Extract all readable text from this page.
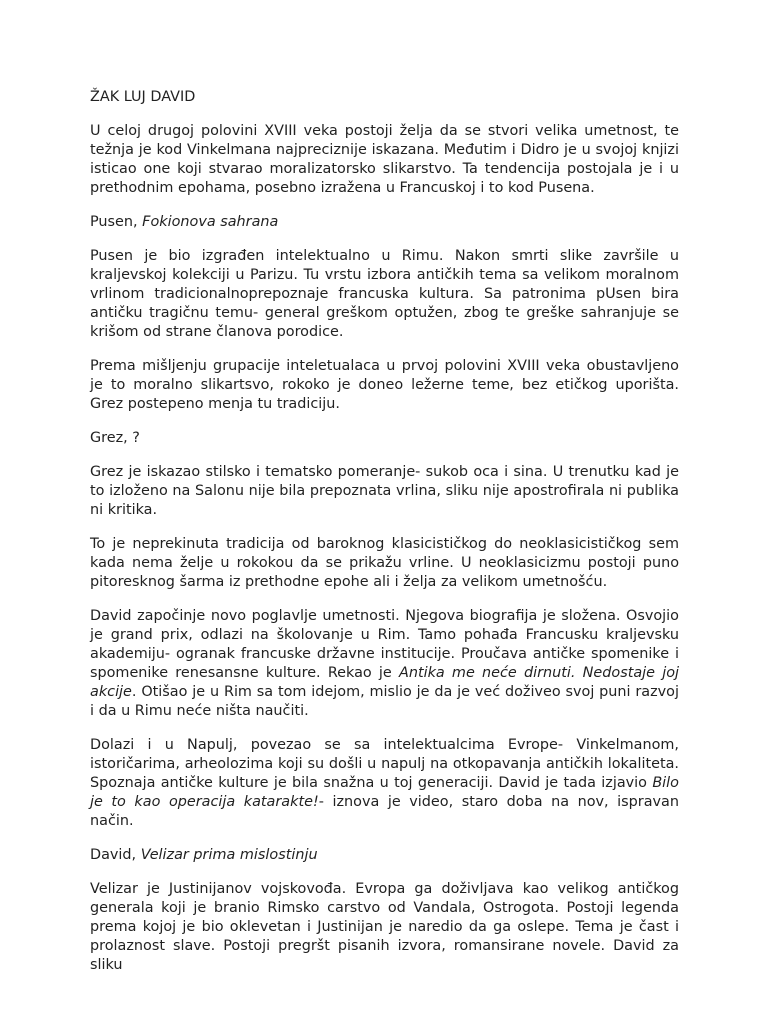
ŽAK LUJ DAVID

U celoj drugoj polovini XVIII veka postoji želja da se stvori velika umetnost, te težnja je kod Vinkelmana najpreciznije iskazana. Međutim i Didro je u svojoj knjizi isticao one koji stvarao moralizatorsko slikarstvo. Ta tendencija postojala je i u prethodnim epohama, posebno izražena u Francuskoj i to kod Pusena.

Pusen, Fokionova sahrana

Pusen je bio izgrađen intelektualno u Rimu. Nakon smrti slike završile u kraljevskoj kolekciji u Parizu. Tu vrstu izbora antičkih tema sa velikom moralnom vrlinom tradicionalnoprepoznaje francuska kultura. Sa patronima pUsen bira antičku tragičnu temu- general greškom optužen, zbog te greške sahranjuje se krišom od strane članova porodice.

Prema mišljenju grupacije inteletualaca u prvoj polovini XVIII veka obustavljeno je to moralno slikartsvo, rokoko je doneo ležerne teme, bez etičkog uporišta. Grez postepeno menja tu tradiciju.

Grez, ?

Grez je iskazao stilsko i tematsko pomeranje- sukob oca i sina. U trenutku kad je to izloženo na Salonu nije bila prepoznata vrlina, sliku nije apostrofirala ni publika ni kritika.

To je neprekinuta tradicija od baroknog klasicističkog do neoklasicističkog sem kada nema želje u rokokou da se prikažu vrline. U neoklasicizmu postoji puno pitoresknog šarma iz prethodne epohe ali i želja za velikom umetnošću.

David započinje novo poglavlje umetnosti. Njegova biografija je složena. Osvojio je grand prix, odlazi na školovanje u Rim. Tamo pohađa Francusku kraljevsku akademiju- ogranak francuske državne institucije. Proučava antičke spomenike i spomenike renesansne kulture. Rekao je Antika me neće dirnuti. Nedostaje joj akcije. Otišao je u Rim sa tom idejom, mislio je da je već doživeo svoj puni razvoj i da u Rimu neće ništa naučiti.

Dolazi i u Napulj, povezao se sa intelektualcima Evrope- Vinkelmanom, istoričarima, arheolozima koji su došli u napulj na otkopavanja antičkih lokaliteta. Spoznaja antičke kulture je bila snažna u toj generaciji. David je tada izjavio Bilo je to kao operacija katarakte!- iznova je video, staro doba na nov, ispravan način.

David, Velizar prima mislostinju

Velizar je Justinijanov vojskovođa. Evropa ga doživljava kao velikog antičkog generala koji je branio Rimsko carstvo od Vandala, Ostrogota. Postoji legenda prema kojoj je bio oklevetan i Justinijan je naredio da ga oslepe. Tema je čast i prolaznost slave. Postoji pregršt pisanih izvora, romansirane novele. David za sliku
